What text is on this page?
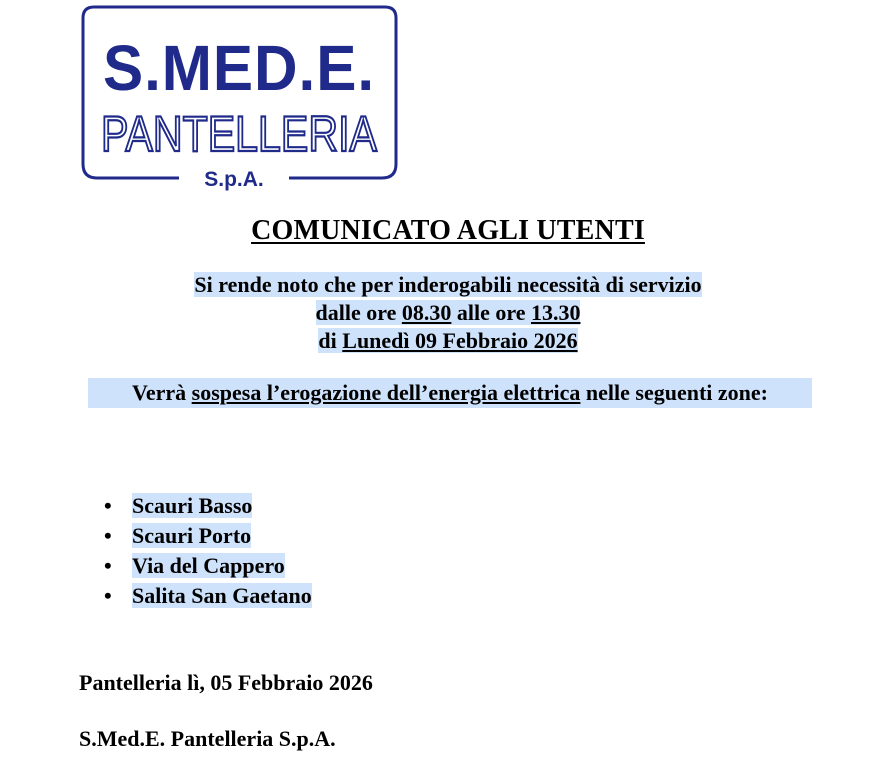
S.MED.E.
PANTELLERIA
S.p.A.
COMUNICATO AGLI UTENTI
Si rende noto che per inderogabili necessità di servizio
dalle ore 08.30 alle ore 13.30
di Lunedì 09 Febbraio 2026
Verrà sospesa l’erogazione dell’energia elettrica nelle seguenti zone:
• Scauri Basso
• Scauri Porto
• Via del Cappero
• Salita San Gaetano
Pantelleria lì, 05 Febbraio 2026
S.Med.E. Pantelleria S.p.A.
